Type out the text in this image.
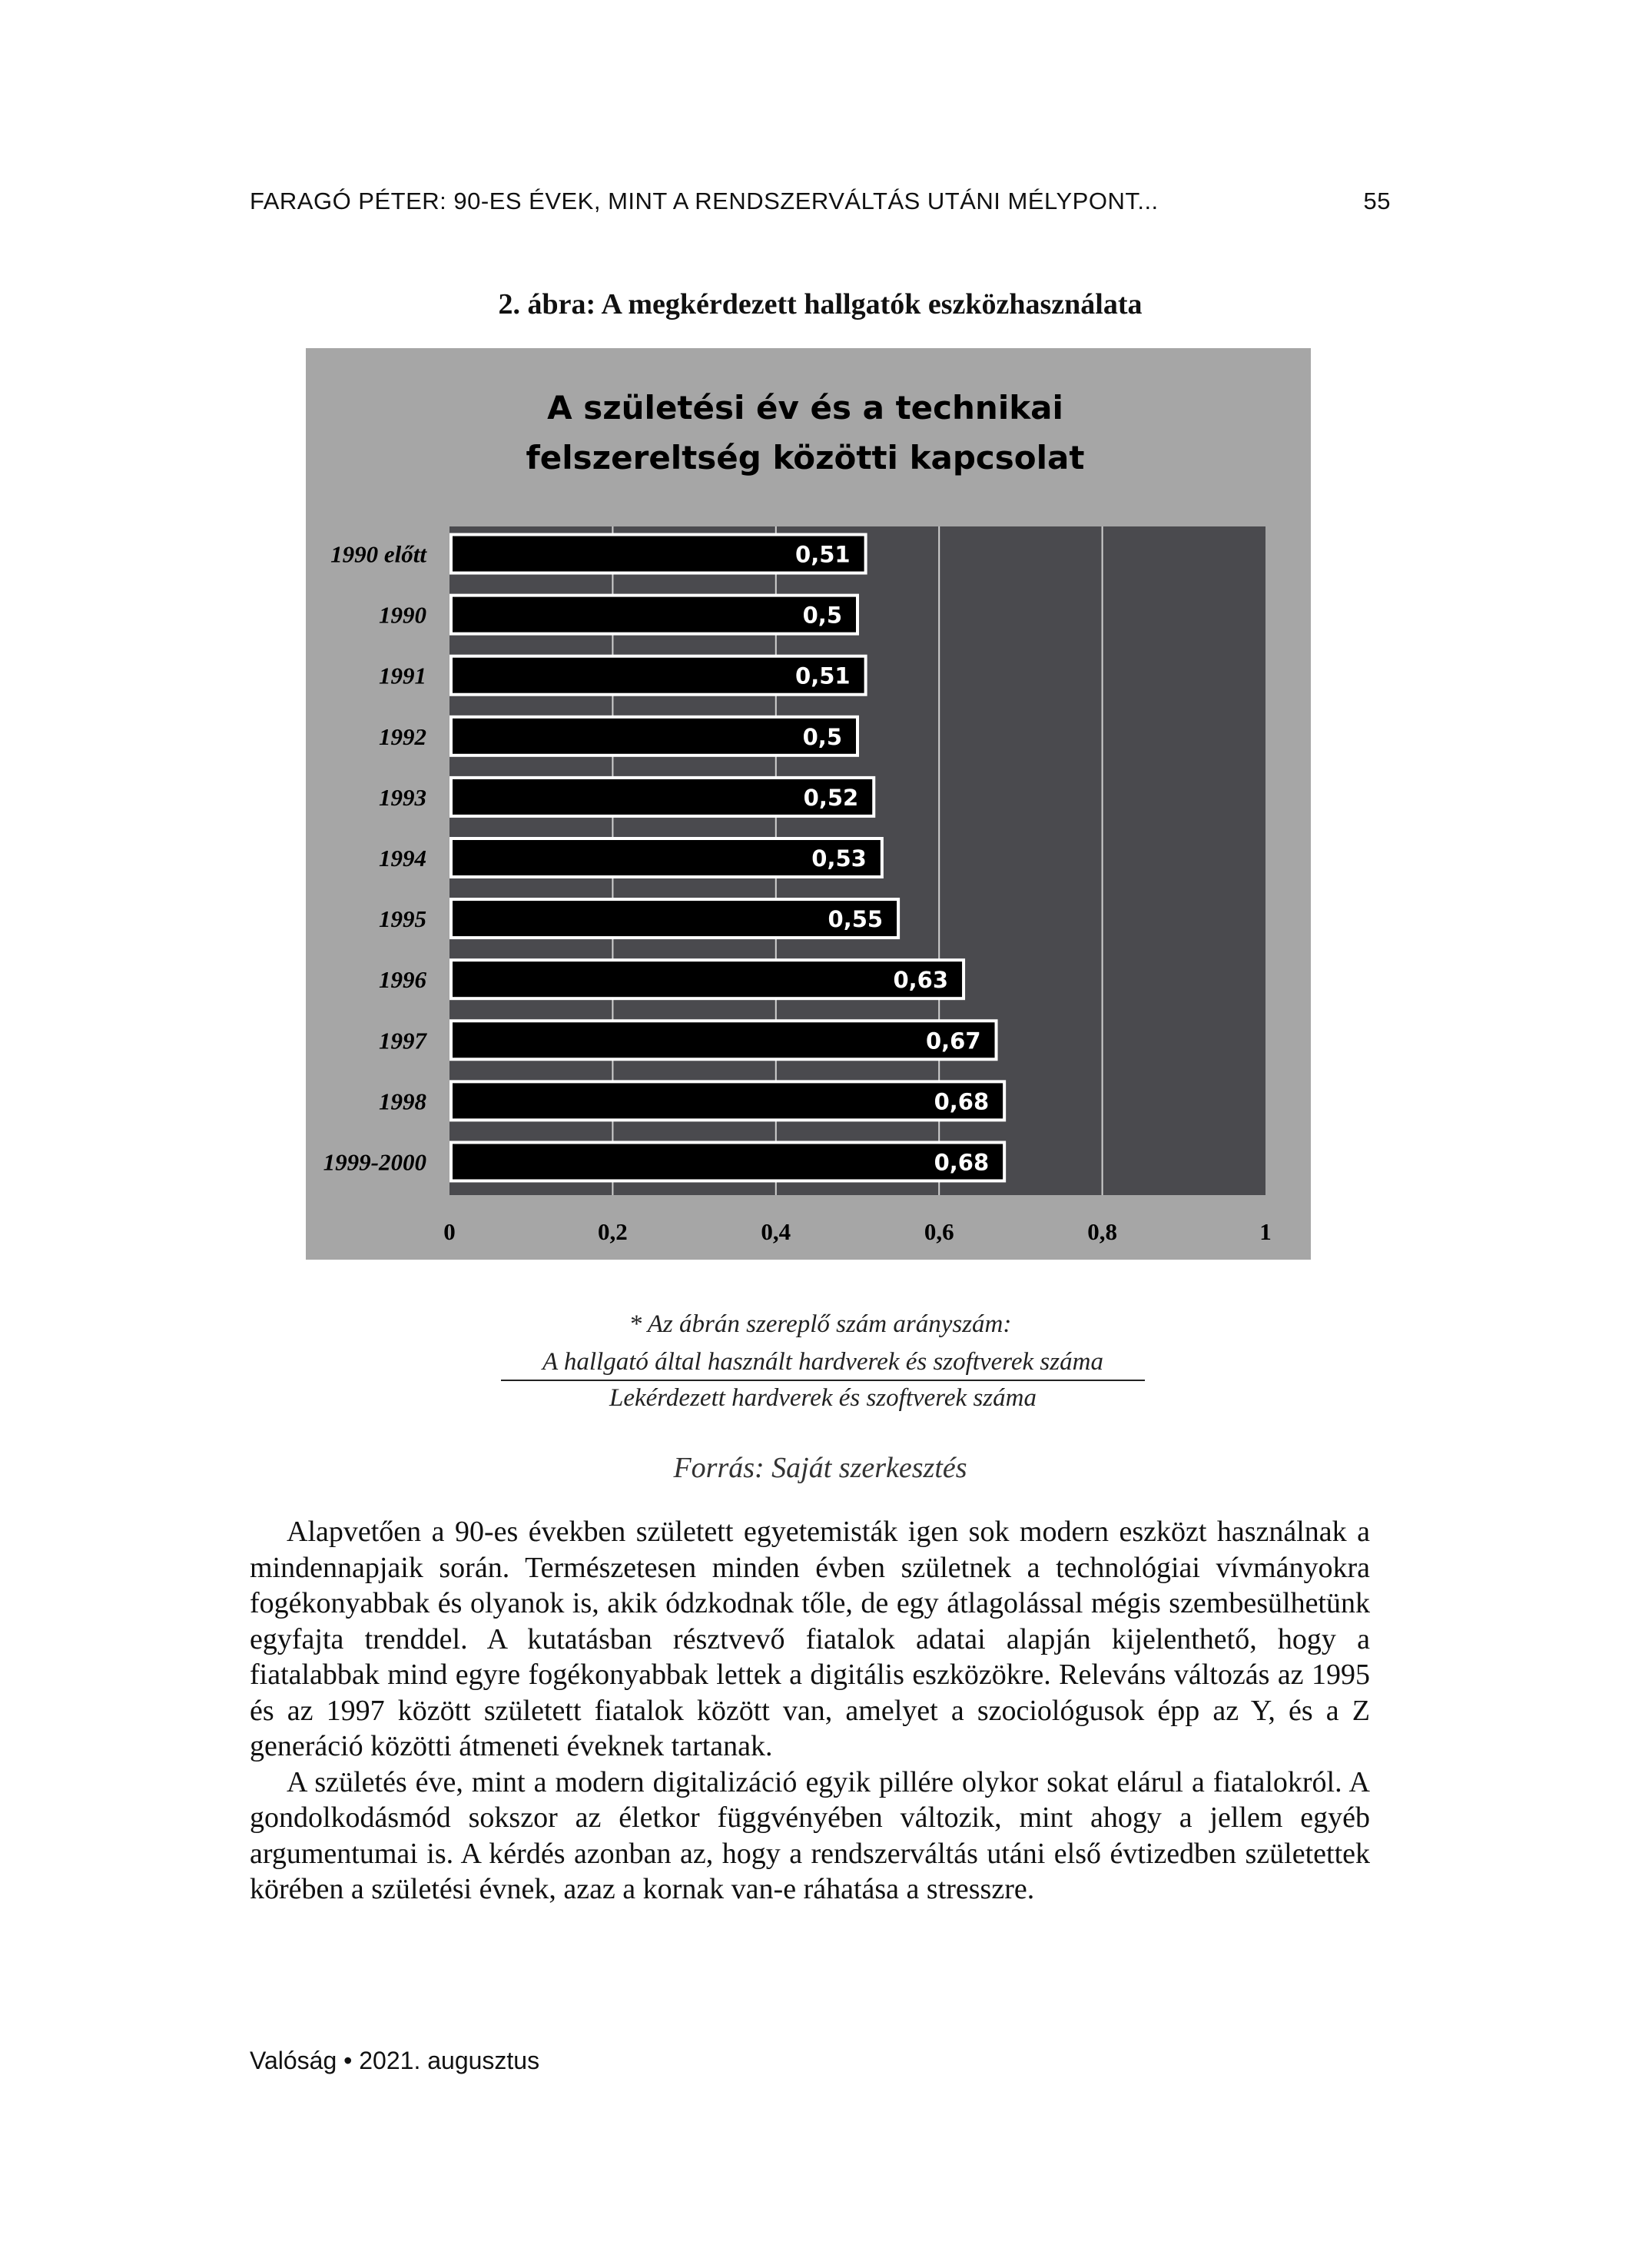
FARAGÓ PÉTER: 90-ES ÉVEK, MINT A RENDSZERVÁLTÁS UTÁNI MÉLYPONT...	55
2. ábra: A megkérdezett hallgatók eszközhasználata
A születési év és a technikai
felszereltség közötti kapcsolat
0,51
0,5
0,51
0,5
0,52
0,53
0,55
0,63
0,67
0,68
0,68
1990 előtt
1990
1991
1992
1993
1994
1995
1996
1997
1998
1999-2000
0	0,2	0,4	0,6	0,8	1
* Az ábrán szereplő szám arányszám:
A hallgató által használt hardverek és szoftverek száma
Lekérdezett hardverek és szoftverek száma
Forrás: Saját szerkesztés

Alapvetően a 90-es években született egyetemisták igen sok modern eszközt használnak a mindennapjaik során. Természetesen minden évben születnek a technológiai vívmányokra fogékonyabbak és olyanok is, akik ódzkodnak tőle, de egy átlagolással mégis szembesülhetünk egyfajta trenddel. A kutatásban résztvevő fiatalok adatai alapján kijelenthető, hogy a fiatalabbak mind egyre fogékonyabbak lettek a digitális eszközökre. Releváns változás az 1995 és az 1997 között született fiatalok között van, amelyet a szociológusok épp az Y, és a Z generáció közötti átmeneti éveknek tartanak.

A születés éve, mint a modern digitalizáció egyik pillére olykor sokat elárul a fiatalokról. A gondolkodásmód sokszor az életkor függvényében változik, mint ahogy a jellem egyéb argumentumai is. A kérdés azonban az, hogy a rendszerváltás utáni első évtizedben születettek körében a születési évnek, azaz a kornak van-e ráhatása a stresszre.

Valóság • 2021. augusztus
